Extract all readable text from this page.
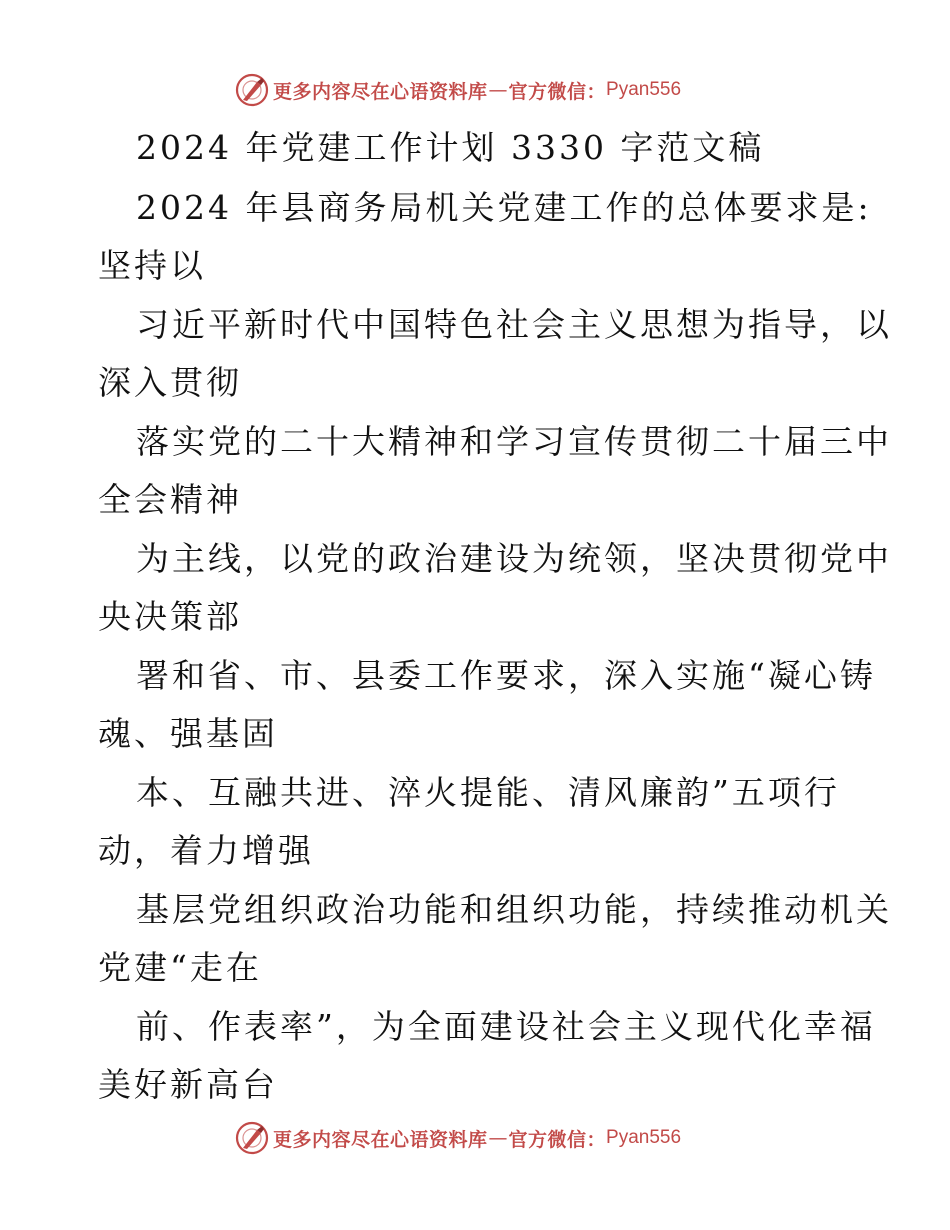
更多内容尽在心语资料库 — 官方微信： Pyan556
2024 年党建工作计划 3330 字范文稿
2024 年县商务局机关党建工作的总体要求是:
坚持以
习近平新时代中国特色社会主义思想为指导，以
深入贯彻
落实党的二十大精神和学习宣传贯彻二十届三中
全会精神
为主线，以党的政治建设为统领，坚决贯彻党中
央决策部
署和省、市、县委工作要求，深入实施“凝心铸
魂、强基固
本、互融共进、淬火提能、清风廉韵”五项行
动，着力增强
基层党组织政治功能和组织功能，持续推动机关
党建“走在
前、作表率”，为全面建设社会主义现代化幸福
美好新高台
更多内容尽在心语资料库 — 官方微信： Pyan556
